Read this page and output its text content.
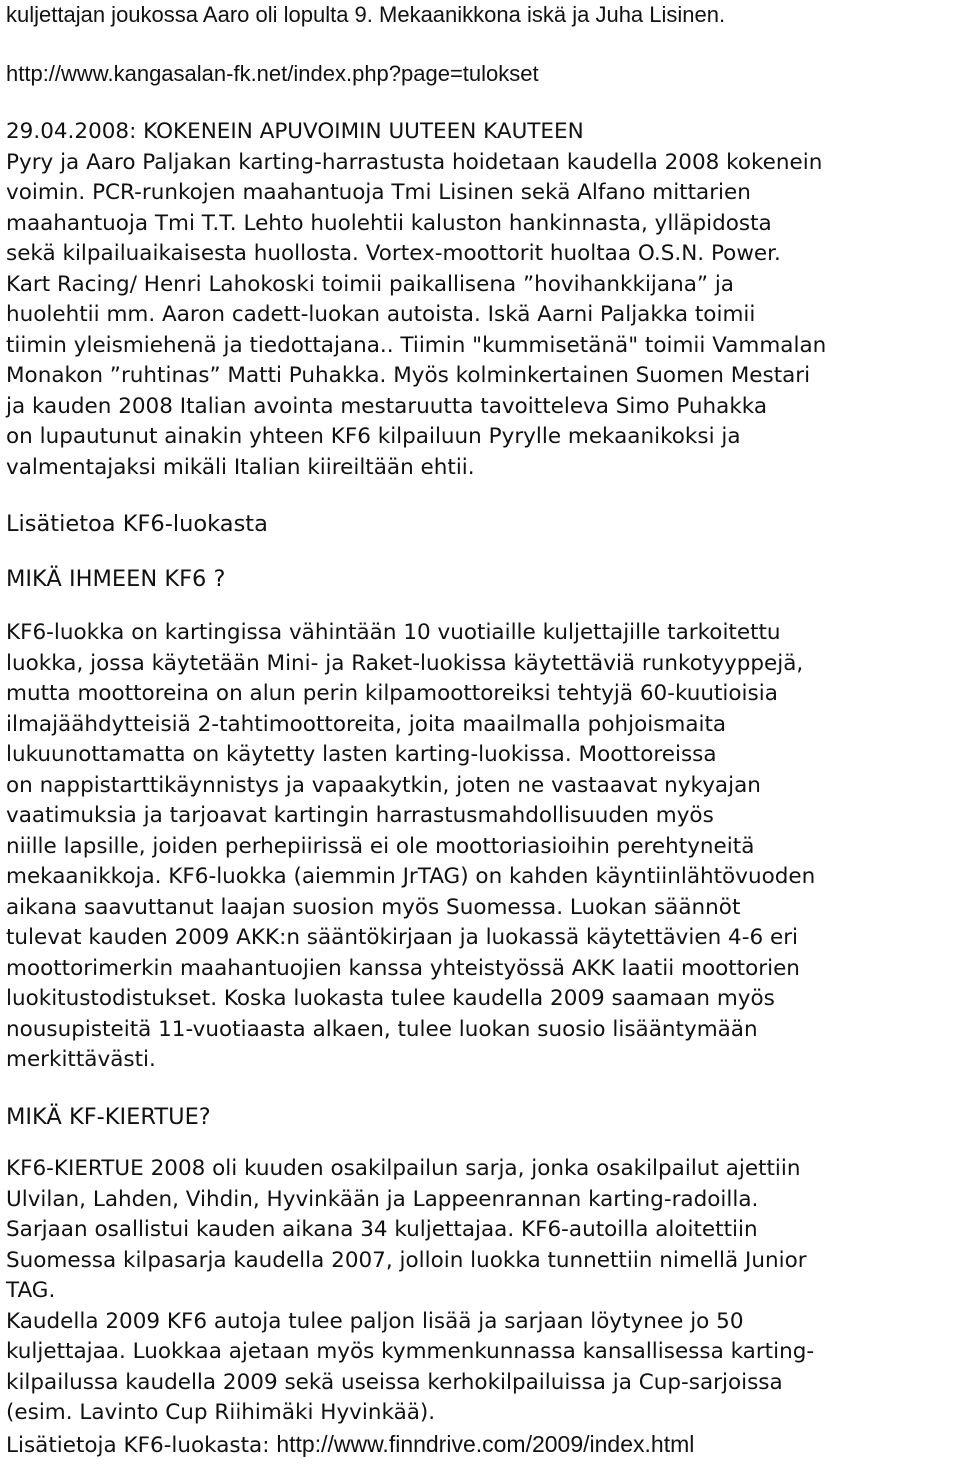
kuljettajan joukossa Aaro oli lopulta 9. Mekaanikkona iskä ja Juha Lisinen.
http://www.kangasalan-fk.net/index.php?page=tulokset
29.04.2008: KOKENEIN APUVOIMIN UUTEEN KAUTEEN
Pyry ja Aaro Paljakan karting-harrastusta hoidetaan kaudella 2008 kokenein
voimin. PCR-runkojen maahantuoja Tmi Lisinen sekä Alfano mittarien
maahantuoja Tmi T.T. Lehto huolehtii kaluston hankinnasta, ylläpidosta
sekä kilpailuaikaisesta huollosta. Vortex-moottorit huoltaa O.S.N. Power.
Kart Racing/ Henri Lahokoski toimii paikallisena ”hovihankkijana” ja
huolehtii mm. Aaron cadett-luokan autoista. Iskä Aarni Paljakka toimii
tiimin yleismiehenä ja tiedottajana.. Tiimin "kummisetänä" toimii Vammalan
Monakon ”ruhtinas” Matti Puhakka. Myös kolminkertainen Suomen Mestari
ja kauden 2008 Italian avointa mestaruutta tavoitteleva Simo Puhakka
on lupautunut ainakin yhteen KF6 kilpailuun Pyrylle mekaanikoksi ja
valmentajaksi mikäli Italian kiireiltään ehtii.
Lisätietoa KF6-luokasta
MIKÄ IHMEEN KF6 ?
KF6-luokka on kartingissa vähintään 10 vuotiaille kuljettajille tarkoitettu
luokka, jossa käytetään Mini- ja Raket-luokissa käytettäviä runkotyyppejä,
mutta moottoreina on alun perin kilpamoottoreiksi tehtyjä 60-kuutioisia
ilmajäähdytteisiä 2-tahtimoottoreita, joita maailmalla pohjoismaita
lukuunottamatta on käytetty lasten karting-luokissa. Moottoreissa
on nappistarttikäynnistys ja vapaakytkin, joten ne vastaavat nykyajan
vaatimuksia ja tarjoavat kartingin harrastusmahdollisuuden myös
niille lapsille, joiden perhepiirissä ei ole moottoriasioihin perehtyneitä
mekaanikkoja. KF6-luokka (aiemmin JrTAG) on kahden käyntiinlähtövuoden
aikana saavuttanut laajan suosion myös Suomessa. Luokan säännöt
tulevat kauden 2009 AKK:n sääntökirjaan ja luokassä käytettävien 4-6 eri
moottorimerkin maahantuojien kanssa yhteistyössä AKK laatii moottorien
luokitustodistukset. Koska luokasta tulee kaudella 2009 saamaan myös
nousupisteitä 11-vuotiaasta alkaen, tulee luokan suosio lisääntymään
merkittävästi.
MIKÄ KF-KIERTUE?
KF6-KIERTUE 2008 oli kuuden osakilpailun sarja, jonka osakilpailut ajettiin
Ulvilan, Lahden, Vihdin, Hyvinkään ja Lappeenrannan karting-radoilla.
Sarjaan osallistui kauden aikana 34 kuljettajaa. KF6-autoilla aloitettiin
Suomessa kilpasarja kaudella 2007, jolloin luokka tunnettiin nimellä Junior
TAG.
Kaudella 2009 KF6 autoja tulee paljon lisää ja sarjaan löytynee jo 50
kuljettajaa. Luokkaa ajetaan myös kymmenkunnassa kansallisessa karting-
kilpailussa kaudella 2009 sekä useissa kerhokilpailuissa ja Cup-sarjoissa
(esim. Lavinto Cup Riihimäki Hyvinkää).
Lisätietoja KF6-luokasta: http://www.finndrive.com/2009/index.html
